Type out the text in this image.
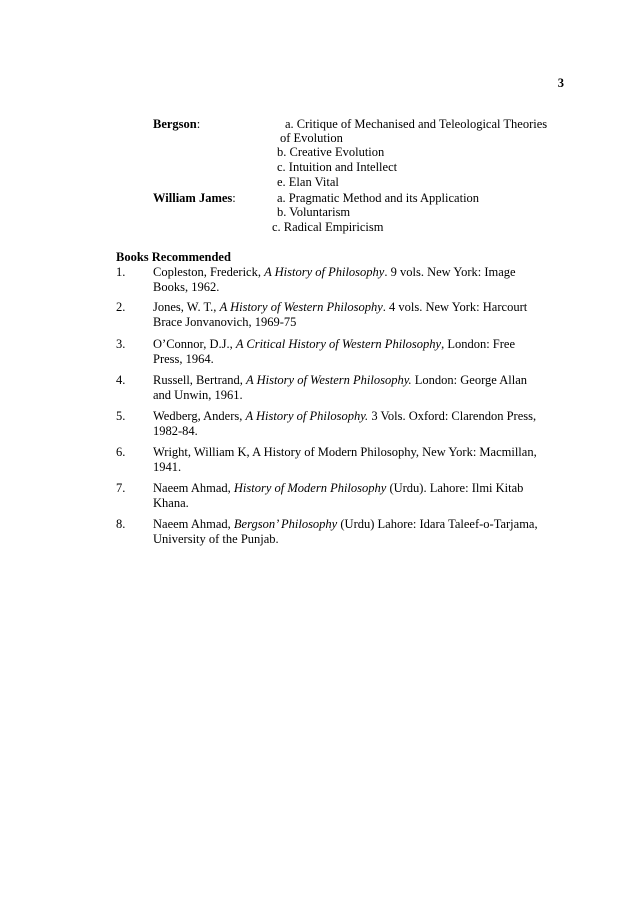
3
Bergson:	a. Critique of Mechanised and Teleological Theories
of Evolution
b. Creative Evolution
c. Intuition and Intellect
e. Elan Vital
William James:	a. Pragmatic Method and its Application
b. Voluntarism
c. Radical Empiricism
Books Recommended
1.	Copleston, Frederick, A History of Philosophy. 9 vols. New York: Image
Books, 1962.
2.	Jones, W. T., A History of Western Philosophy. 4 vols. New York: Harcourt
Brace Jonvanovich, 1969-75
3.	O’Connor, D.J., A Critical History of Western Philosophy, London: Free
Press, 1964.
4.	Russell, Bertrand, A History of Western Philosophy. London: George Allan
and Unwin, 1961.
5.	Wedberg, Anders, A History of Philosophy. 3 Vols. Oxford: Clarendon Press,
1982-84.
6.	Wright, William K, A History of Modern Philosophy, New York: Macmillan,
1941.
7.	Naeem Ahmad, History of Modern Philosophy (Urdu). Lahore: Ilmi Kitab
Khana.
8.	Naeem Ahmad, Bergson’ Philosophy (Urdu) Lahore: Idara Taleef-o-Tarjama,
University of the Punjab.
